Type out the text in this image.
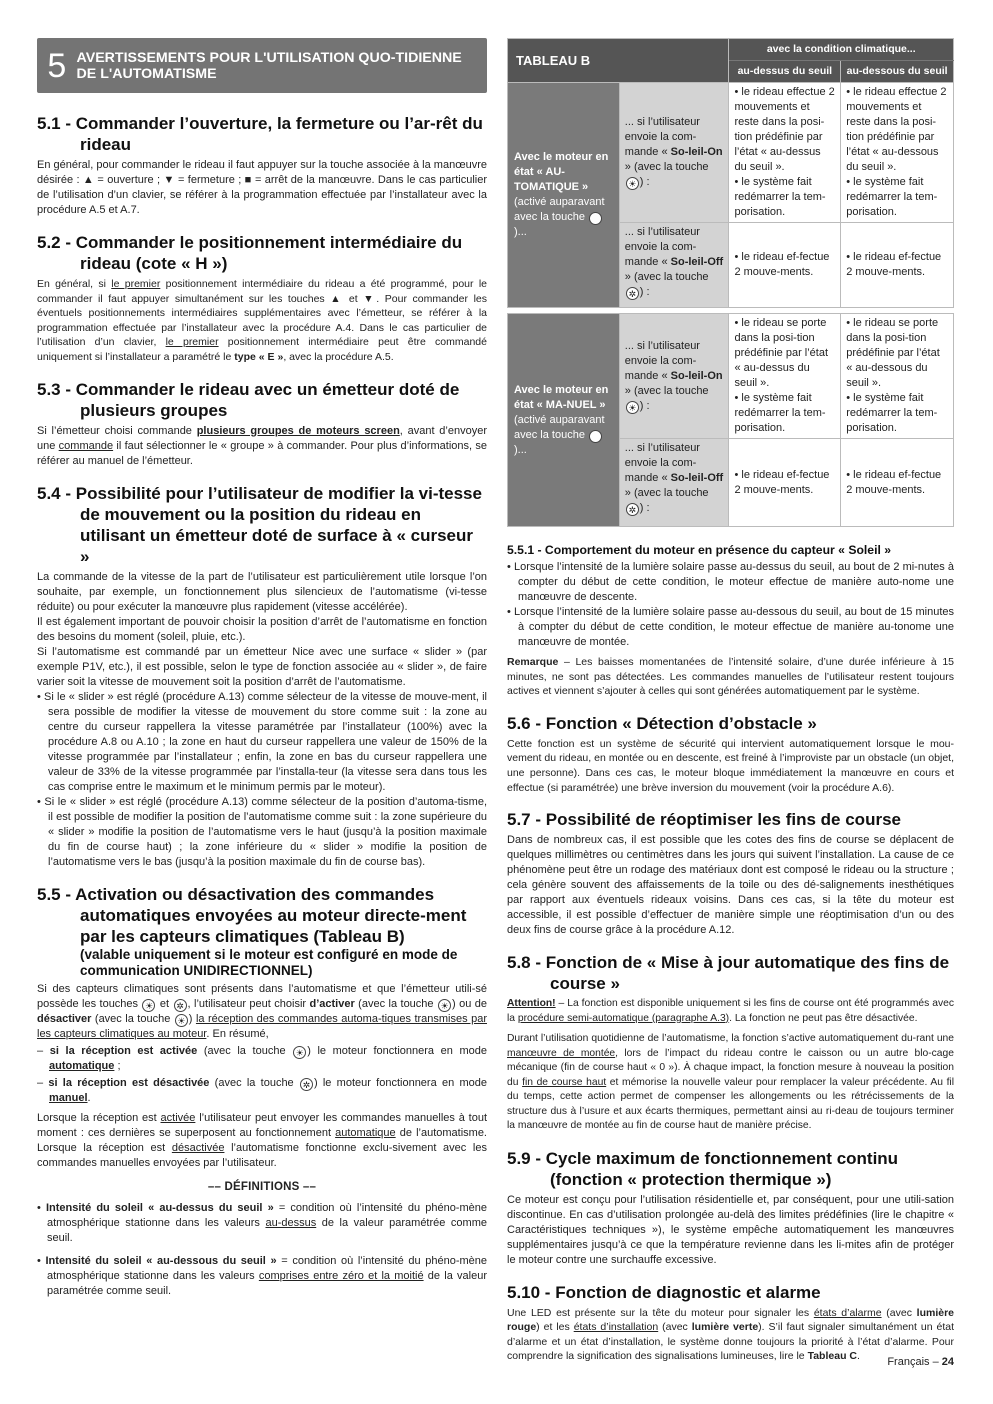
5 AVERTISSEMENTS POUR L'UTILISATION QUO-TIDIENNE DE L'AUTOMATISME
5.1 - Commander l’ouverture, la fermeture ou l’ar-rêt du rideau

En général, pour commander le rideau il faut appuyer sur la touche associée à la manœuvre désirée : ▲ = ouverture ; ▼ = fermeture ; ■ = arrêt de la manœuvre. Dans le cas particulier de l’utilisation d’un clavier, se référer à la programmation effectuée par l’installateur avec la procédure A.5 et A.7.

5.2 - Commander le positionnement intermédiaire du rideau (cote « H »)

En général, si le premier positionnement intermédiaire du rideau a été programmé, pour le commander il faut appuyer simultanément sur les touches ▲ et ▼. Pour commander les éventuels positionnements intermédiaires supplémentaires avec l’émetteur, se référer à la programmation effectuée par l’installateur avec la procédure A.4. Dans le cas particulier de l’utilisation d’un clavier, le premier positionnement intermédiaire peut être commandé uniquement si l’installateur a paramétré le type « E », avec la procédure A.5.

5.3 - Commander le rideau avec un émetteur doté de plusieurs groupes

Si l’émetteur choisi commande plusieurs groupes de moteurs screen, avant d’envoyer une commande il faut sélectionner le « groupe » à commander. Pour plus d’informations, se référer au manuel de l’émetteur.

5.4 - Possibilité pour l’utilisateur de modifier la vi-tesse de mouvement ou la position du rideau en utilisant un émetteur doté de surface à « curseur »

La commande de la vitesse de la part de l’utilisateur est particulièrement utile lorsque l’on souhaite, par exemple, un fonctionnement plus silencieux de l’automatisme (vi-tesse réduite) ou pour exécuter la manœuvre plus rapidement (vitesse accélérée).

Il est également important de pouvoir choisir la position d’arrêt de l’automatisme en fonction des besoins du moment (soleil, pluie, etc.).

Si l’automatisme est commandé par un émetteur Nice avec une surface « slider » (par exemple P1V, etc.), il est possible, selon le type de fonction associée au « slider », de faire varier soit la vitesse de mouvement soit la position d’arrêt de l’automatisme.

• Si le « slider » est réglé (procédure A.13) comme sélecteur de la vitesse de mouve-ment, il sera possible de modifier la vitesse de mouvement du store comme suit : la zone au centre du curseur rappellera la vitesse paramétrée par l’installateur (100%) avec la procédure A.8 ou A.10 ; la zone en haut du curseur rappellera une valeur de 150% de la vitesse programmée par l’installateur ; enfin, la zone en bas du curseur rappellera une valeur de 33% de la vitesse programmée par l’installa-teur (la vitesse sera dans tous les cas comprise entre le maximum et le minimum permis par le moteur).
• Si le « slider » est réglé (procédure A.13) comme sélecteur de la position d’automa-tisme, il est possible de modifier la position de l’automatisme comme suit : la zone supérieure du « slider » modifie la position de l’automatisme vers le haut (jusqu’à la position maximale du fin de course haut) ; la zone inférieure du « slider » modifie la position de l’automatisme vers le bas (jusqu’à la position maximale du fin de course bas).
5.5 - Activation ou désactivation des commandes automatiques envoyées au moteur directe-ment par les capteurs climatiques (Tableau B)
(valable uniquement si le moteur est configuré en mode de communication UNIDIRECTIONNEL)

Si des capteurs climatiques sont présents dans l’automatisme et que l’émetteur utili-sé possède les touches ☀ et ✲ , l’utilisateur peut choisir d’activer (avec la touche ☀ ) ou de désactiver (avec la touche ☀ ) la réception des commandes automa-tiques transmises par les capteurs climatiques au moteur. En résumé,

– si la réception est activée (avec la touche ☀ ) le moteur fonctionnera en mode automatique ;
– si la réception est désactivée (avec la touche ✲ ) le moteur fonctionnera en mode manuel.

Lorsque la réception est activée l’utilisateur peut envoyer les commandes manuelles à tout moment : ces dernières se superposent au fonctionnement automatique de l’automatisme. Lorsque la réception est désactivée l’automatisme fonctionne exclu-sivement avec les commandes manuelles envoyées par l’utilisateur.

–– DÉFINITIONS ––
• Intensité du soleil « au-dessus du seuil » = condition où l’intensité du phéno-mène atmosphérique stationne dans les valeurs au-dessus de la valeur paramétrée comme seuil.
• Intensité du soleil « au-dessous du seuil » = condition où l’intensité du phéno-mène atmosphérique stationne dans les valeurs comprises entre zéro et la moitié de la valeur paramétrée comme seuil.
TABLEAU B		avec la condition climatique...	
		au-dessus du seuil	au-dessous du seuil
Avec le moteur en état « AU-TOMATIQUE » (activé auparavant avec la touche ☀)...	... si l’utilisateur envoie la com-mande « So-leil-On » (avec la touche ☀ ) :	• le rideau effectue 2 mouvements et reste dans la posi-tion prédéfinie par l’état « au-dessus du seuil ».
• le système fait redémarrer la tem-porisation.	• le rideau effectue 2 mouvements et reste dans la posi-tion prédéfinie par l’état « au-dessous du seuil ».
• le système fait redémarrer la tem-porisation.
	... si l’utilisateur envoie la com-mande « So-leil-Off » (avec la touche ✲ ) :	• le rideau ef-fectue 2 mouve-ments.	• le rideau ef-fectue 2 mouve-ments.

Avec le moteur en état « MA-NUEL » (activé auparavant avec la touche ✲)...	... si l’utilisateur envoie la com-mande « So-leil-On » (avec la touche ☀ ) :	• le rideau se porte dans la posi-tion prédéfinie par l’état « au-dessus du seuil ».
• le système fait redémarrer la tem-porisation.	• le rideau se porte dans la posi-tion prédéfinie par l’état « au-dessous du seuil ».
• le système fait redémarrer la tem-porisation.
	... si l’utilisateur envoie la com-mande « So-leil-Off » (avec la touche ✲ ) :	• le rideau ef-fectue 2 mouve-ments.	• le rideau ef-fectue 2 mouve-ments.
5.5.1 - Comportement du moteur en présence du capteur « Soleil »
• Lorsque l’intensité de la lumière solaire passe au-dessus du seuil, au bout de 2 mi-nutes à compter du début de cette condition, le moteur effectue de manière auto-nome une manœuvre de descente.
• Lorsque l’intensité de la lumière solaire passe au-dessous du seuil, au bout de 15 minutes à compter du début de cette condition, le moteur effectue de manière au-tonome une manœuvre de montée.

Remarque – Les baisses momentanées de l’intensité solaire, d’une durée inférieure à 15 minutes, ne sont pas détectées. Les commandes manuelles de l’utilisateur restent toujours actives et viennent s’ajouter à celles qui sont générées automatiquement par le système.

5.6 - Fonction « Détection d’obstacle »

Cette fonction est un système de sécurité qui intervient automatiquement lorsque le mou-vement du rideau, en montée ou en descente, est freiné à l’improviste par un obstacle (un objet, une personne). Dans ces cas, le moteur bloque immédiatement la manœuvre en cours et effectue (si paramétrée) une brève inversion du mouvement (voir la procédure A.6).

5.7 - Possibilité de réoptimiser les fins de course

Dans de nombreux cas, il est possible que les cotes des fins de course se déplacent de quelques millimètres ou centimètres dans les jours qui suivent l’installation. La cause de ce phénomène peut être un rodage des matériaux dont est composé le rideau ou la structure ; cela génère souvent des affaissements de la toile ou des dé-salignements inesthétiques par rapport aux éventuels rideaux voisins. Dans ces cas, si la tête du moteur est accessible, il est possible d’effectuer de manière simple une réoptimisation d’un ou des deux fins de course grâce à la procédure A.12.

5.8 - Fonction de « Mise à jour automatique des fins de course »

Attention! – La fonction est disponible uniquement si les fins de course ont été programmés avec la procédure semi-automatique (paragraphe A.3). La fonction ne peut pas être désactivée.

Durant l’utilisation quotidienne de l’automatisme, la fonction s’active automatiquement du-rant une manœuvre de montée, lors de l’impact du rideau contre le caisson ou un autre blo-cage mécanique (fin de course haut « 0 »). À chaque impact, la fonction mesure à nouveau la position du fin de course haut et mémorise la nouvelle valeur pour remplacer la valeur précédente. Au fil du temps, cette action permet de compenser les allongements ou les rétrécissements de la structure dus à l’usure et aux écarts thermiques, permettant ainsi au ri-deau de toujours terminer la manœuvre de montée au fin de course haut de manière précise.

5.9 - Cycle maximum de fonctionnement continu (fonction « protection thermique »)

Ce moteur est conçu pour l’utilisation résidentielle et, par conséquent, pour une utili-sation discontinue. En cas d’utilisation prolongée au-delà des limites prédéfinies (lire le chapitre « Caractéristiques techniques »), le système empêche automatiquement les manœuvres supplémentaires jusqu’à ce que la température revienne dans les li-mites afin de protéger le moteur contre une surchauffe excessive.

5.10 - Fonction de diagnostic et alarme

Une LED est présente sur la tête du moteur pour signaler les états d’alarme (avec lumière rouge) et les états d’installation (avec lumière verte). S’il faut signaler simultanément un état d’alarme et un état d’installation, le système donne toujours la priorité à l’état d’alarme. Pour comprendre la signification des signalisations lumineuses, lire le Tableau C.	Français – 24
